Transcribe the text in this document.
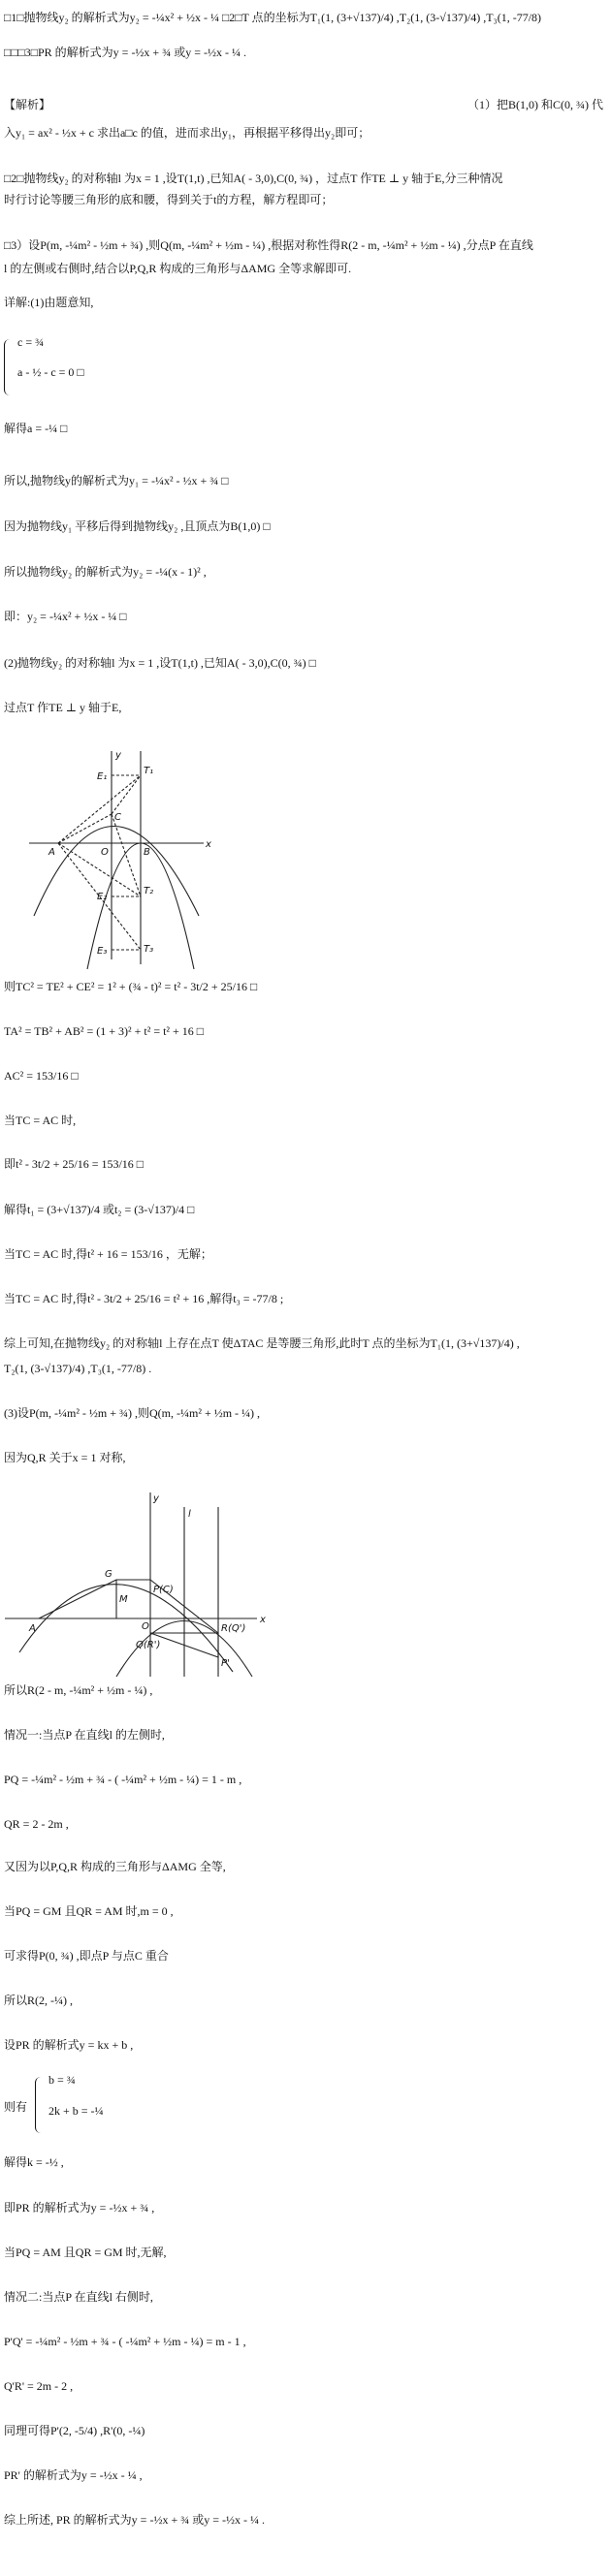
□1□抛物线y₂ 的解析式为y₂ = -¼x² + ½x - ¼ □2□T 点的坐标为T₁(1, (3+√137)/4) ,T₂(1, (3-√137)/4) ,T₃(1, -77/8)
□□□3□PR 的解析式为y = -½x + ¾ 或y = -½x - ¼ .
【解析】	（1）把B(1,0) 和C(0, ¾) 代
入y₁ = ax² - ½x + c 求出a□c 的值，进而求出y₁，再根据平移得出y₂即可；
□2□抛物线y₂ 的对称轴l 为x = 1 ,设T(1,t) ,已知A( - 3,0),C(0, ¾) ，过点T 作TE ⊥ y 轴于E,分三种情况
时行讨论等腰三角形的底和腰，得到关于t的方程，解方程即可；
□3）设P(m, -¼m² - ½m + ¾) ,则Q(m, -¼m² + ½m - ¼) ,根据对称性得R(2 - m, -¼m² + ½m - ¼) ,分点P 在直线
l 的左侧或右侧时,结合以P,Q,R 构成的三角形与ΔAMG 全等求解即可.
详解:(1)由题意知,
c = ¾
a - ½ - c = 0 □
解得a = -¼ □
所以,抛物线y的解析式为y₁ = -¼x² - ½x + ¾ □
因为抛物线y₁ 平移后得到抛物线y₂ ,且顶点为B(1,0) □
所以抛物线y₂ 的解析式为y₂ = -¼(x - 1)² ,
即：y₂ = -¼x² + ½x - ¼ □
(2)抛物线y₂ 的对称轴l 为x = 1 ,设T(1,t) ,已知A( - 3,0),C(0, ¾) □
过点T 作TE ⊥ y 轴于E,
则TC² = TE² + CE² = 1² + (¾ - t)² = t² - 3t/2 + 25/16 □
TA² = TB² + AB² = (1 + 3)² + t² = t² + 16 □
AC² = 153/16 □
当TC = AC 时,
即t² - 3t/2 + 25/16 = 153/16 □
解得t₁ = (3+√137)/4 或t₂ = (3-√137)/4 □
当TC = AC 时,得t² + 16 = 153/16 ，无解；
当TC = AC 时,得t² - 3t/2 + 25/16 = t² + 16 ,解得t₃ = -77/8 ;
综上可知,在抛物线y₂ 的对称轴l 上存在点T 使ΔTAC 是等腰三角形,此时T 点的坐标为T₁(1, (3+√137)/4) ,
T₂(1, (3-√137)/4) ,T₃(1, -77/8) .
(3)设P(m, -¼m² - ½m + ¾) ,则Q(m, -¼m² + ½m - ¼) ,
因为Q,R 关于x = 1 对称,
所以R(2 - m, -¼m² + ½m - ¼) ,
情况一:当点P 在直线l 的左侧时,
PQ = -¼m² - ½m + ¾ - ( -¼m² + ½m - ¼) = 1 - m ,
QR = 2 - 2m ,
又因为以P,Q,R 构成的三角形与ΔAMG 全等,
当PQ = GM 且QR = AM 时,m = 0 ,
可求得P(0, ¾) ,即点P 与点C 重合
所以R(2, -¼) ,
设PR 的解析式y = kx + b ,
b = ¾
2k + b = -¼
解得k = -½ ,
即PR 的解析式为y = -½x + ¾ ,
当PQ = AM 且QR = GM 时,无解,
情况二:当点P 在直线l 右侧时,
P'Q' = -¼m² - ½m + ¾ - ( -¼m² + ½m - ¼) = m - 1 ,
Q'R' = 2m - 2 ,
同理可得P'(2, -5/4) ,R'(0, -¼)
PR' 的解析式为y = -½x - ¼ ,
综上所述, PR 的解析式为y = -½x + ¾ 或y = -½x - ¼ .
则有
x
y
E₁
E₂
E₃
T₁
T₂
T₃
A	B
C
O
x
y
l
A
G
M
O
P(C)
Q(R')
R(Q')
P'
